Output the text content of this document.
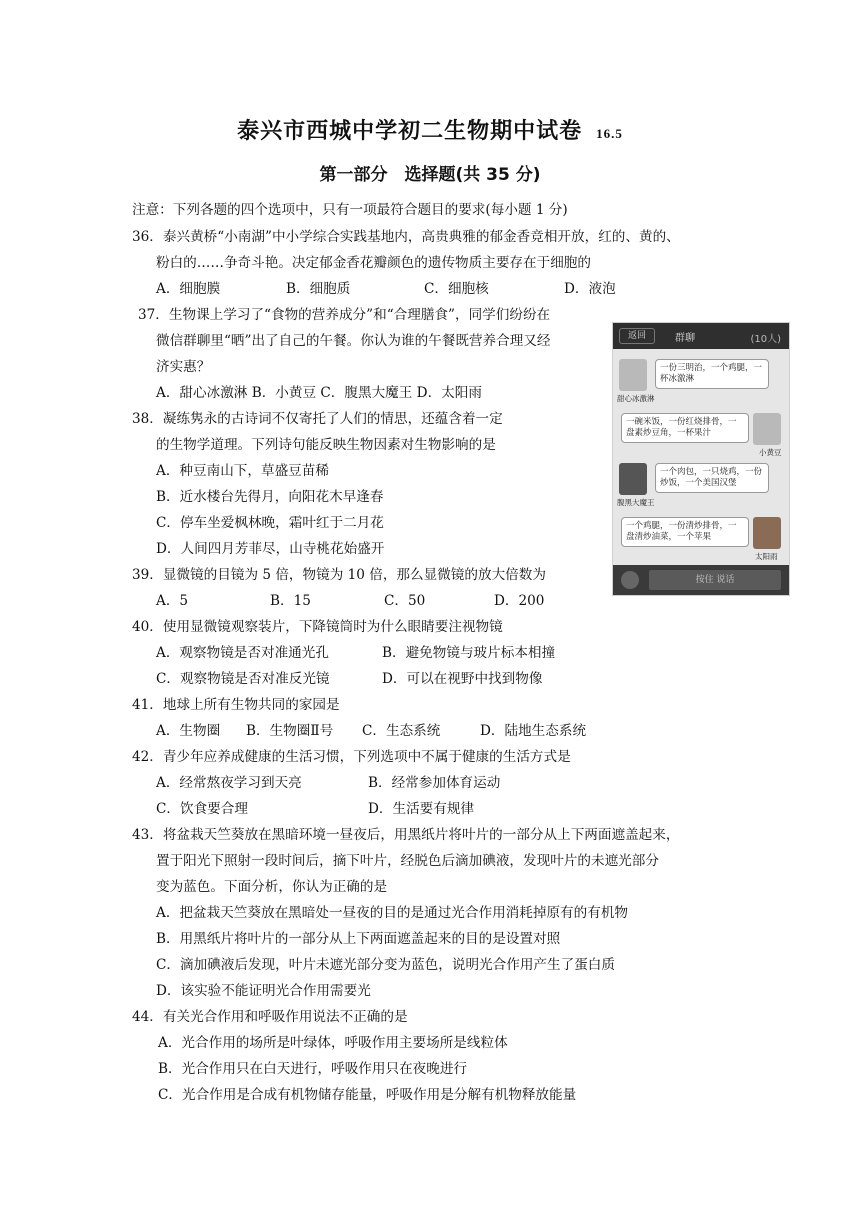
泰兴市西城中学初二生物期中试卷 16.5
第一部分　选择题(共 35 分)
注意：下列各题的四个选项中，只有一项最符合题目的要求(每小题 1 分)
36．泰兴黄桥“小南湖”中小学综合实践基地内，高贵典雅的郁金香竞相开放，红的、黄的、
粉白的……争奇斗艳。决定郁金香花瓣颜色的遗传物质主要存在于细胞的
A．细胞膜	B．细胞质	C．细胞核	D．液泡
37．生物课上学习了“食物的营养成分”和“合理膳食”，同学们纷纷在
微信群聊里“晒”出了自己的午餐。你认为谁的午餐既营养合理又经
济实惠？
A．甜心冰激淋 B．小黄豆 C．腹黑大魔王 D．太阳雨
38．凝练隽永的古诗词不仅寄托了人们的情思，还蕴含着一定
的生物学道理。下列诗句能反映生物因素对生物影响的是
A．种豆南山下，草盛豆苗稀
B．近水楼台先得月，向阳花木早逢春
C．停车坐爱枫林晚，霜叶红于二月花
D．人间四月芳菲尽，山寺桃花始盛开
39．显微镜的目镜为 5 倍，物镜为 10 倍，那么显微镜的放大倍数为
A．5	B．15	C．50	D．200
40．使用显微镜观察装片，下降镜筒时为什么眼睛要注视物镜
A．观察物镜是否对准通光孔	B．避免物镜与玻片标本相撞
C．观察物镜是否对准反光镜	D．可以在视野中找到物像
41．地球上所有生物共同的家园是
A．生物圈 B．生物圈Ⅱ号 C．生态系统	D．陆地生态系统
42．青少年应养成健康的生活习惯，下列选项中不属于健康的生活方式是
A．经常熬夜学习到天亮	B．经常参加体育运动
C．饮食要合理	D．生活要有规律
43．将盆栽天竺葵放在黑暗环境一昼夜后，用黑纸片将叶片的一部分从上下两面遮盖起来，
置于阳光下照射一段时间后，摘下叶片，经脱色后滴加碘液，发现叶片的未遮光部分
变为蓝色。下面分析，你认为正确的是
A．把盆栽天竺葵放在黑暗处一昼夜的目的是通过光合作用消耗掉原有的有机物
B．用黑纸片将叶片的一部分从上下两面遮盖起来的目的是设置对照
C．滴加碘液后发现，叶片未遮光部分变为蓝色，说明光合作用产生了蛋白质
D．该实验不能证明光合作用需要光
44．有关光合作用和呼吸作用说法不正确的是
A．光合作用的场所是叶绿体，呼吸作用主要场所是线粒体
B．光合作用只在白天进行，呼吸作用只在夜晚进行
C．光合作用是合成有机物储存能量，呼吸作用是分解有机物释放能量
返回	群聊	(10人)
甜心冰激淋
一份三明治，一个鸡腿，一杯冰激淋
小黄豆
一碗米饭，一份红烧排骨，一盘素炒豆角，一杯果汁
腹黑大魔王
一个肉包，一只烧鸡，一份炒饭，一个美国汉堡
太阳雨
一个鸡腿，一份清炒排骨，一盘清炒油菜，一个苹果
按住 说话
